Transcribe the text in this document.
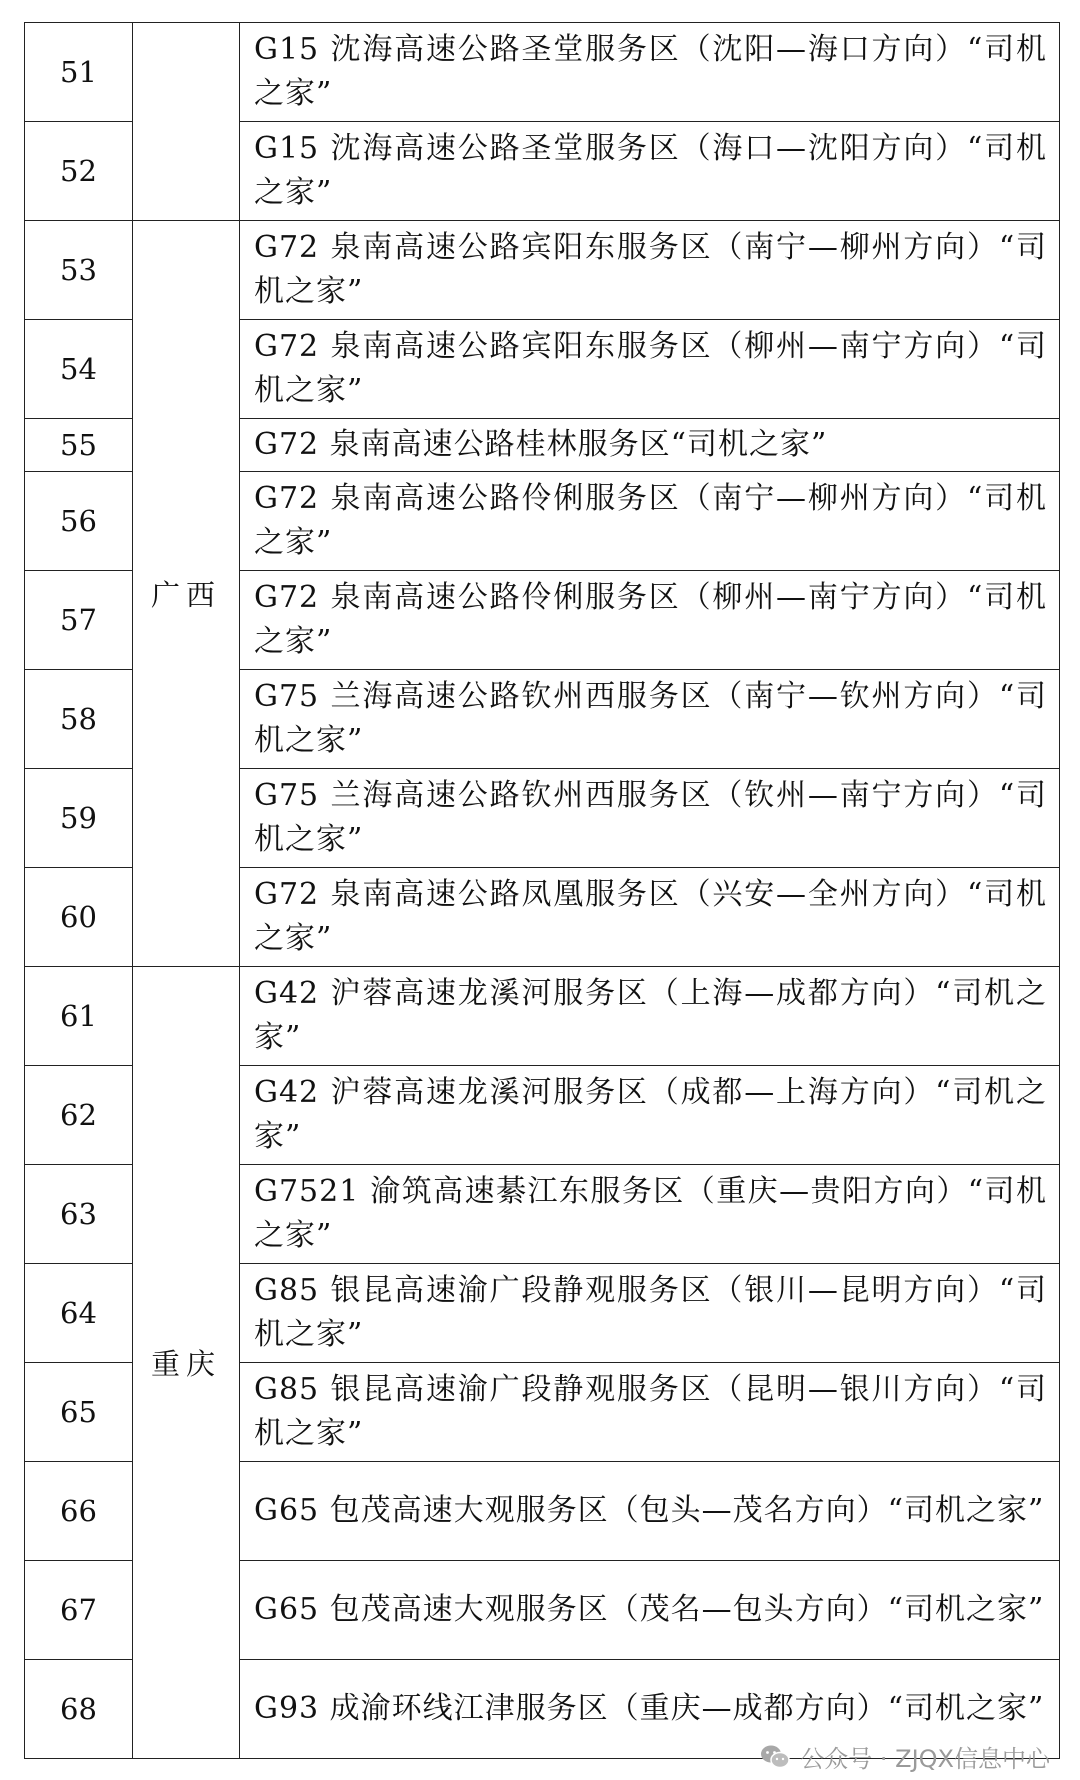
51		G15 沈海高速公路圣堂服务区（沈阳—海口方向）“司机之家”
52		G15 沈海高速公路圣堂服务区（海口—沈阳方向）“司机之家”
53	广西	G72 泉南高速公路宾阳东服务区（南宁—柳州方向）“司机之家”
54		G72 泉南高速公路宾阳东服务区（柳州—南宁方向）“司机之家”
55		G72 泉南高速公路桂林服务区“司机之家”
56		G72 泉南高速公路伶俐服务区（南宁—柳州方向）“司机之家”
57		G72 泉南高速公路伶俐服务区（柳州—南宁方向）“司机之家”
58		G75 兰海高速公路钦州西服务区（南宁—钦州方向）“司机之家”
59		G75 兰海高速公路钦州西服务区（钦州—南宁方向）“司机之家”
60		G72 泉南高速公路凤凰服务区（兴安—全州方向）“司机之家”
61	重庆	G42 沪蓉高速龙溪河服务区（上海—成都方向）“司机之家”
62		G42 沪蓉高速龙溪河服务区（成都—上海方向）“司机之家”
63		G7521 渝筑高速綦江东服务区（重庆—贵阳方向）“司机之家”
64		G85 银昆高速渝广段静观服务区（银川—昆明方向）“司机之家”
65		G85 银昆高速渝广段静观服务区（昆明—银川方向）“司机之家”
66		G65 包茂高速大观服务区（包头—茂名方向）“司机之家”
67		G65 包茂高速大观服务区（茂名—包头方向）“司机之家”
68		G93 成渝环线江津服务区（重庆—成都方向）“司机之家”
公众号 · ZJQX信息中心
